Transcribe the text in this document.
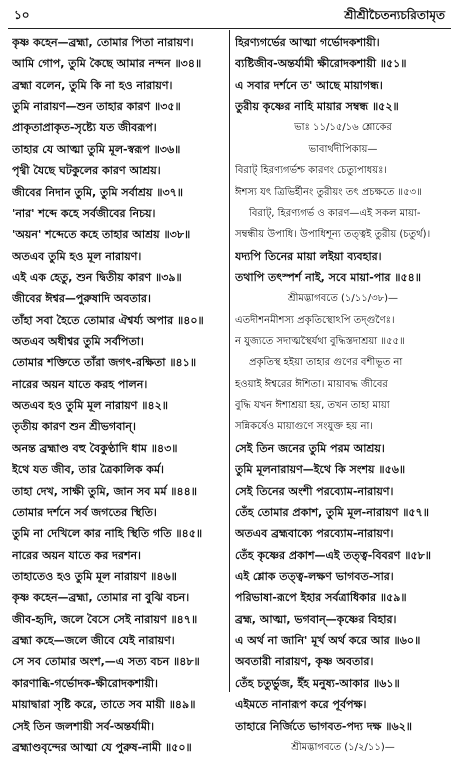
১০	শ্রীশ্রীচৈতন্যচরিতামৃত
কৃষ্ণ কহেন—ব্রহ্মা, তোমার পিতা নারায়ণ।
আমি গোপ, তুমি কৈছে আমার নন্দন ॥৩৪॥
ব্রহ্মা বলেন, তুমি কি না হও নারায়ণ।
তুমি নারায়ণ—শুন তাহার কারণ ॥৩৫॥
প্রাকৃতাপ্রাকৃত-সৃষ্ট্যে যত জীবরূপ।
তাহার যে আত্মা তুমি মূল-স্বরূপ ॥৩৬॥
পৃথ্বী যৈছে ঘটকুলের কারণ আশ্রয়।
জীবের নিদান তুমি, তুমি সর্বাশ্রয় ॥৩৭॥
'নার' শব্দে কহে সর্বজীবের নিচয়।
'অয়ন' শব্দেতে কহে তাহার আশ্রয় ॥৩৮॥
অতএব তুমি হও মূল নারায়ণ।
এই এক হেতু, শুন দ্বিতীয় কারণ ॥৩৯॥
জীবের ঈশ্বর—পুরুষাদি অবতার।
তাঁহা সবা হৈতে তোমার ঐশ্বর্য্য অপার ॥৪০॥
অতএব অধীশ্বর তুমি সর্বপিতা।
তোমার শক্তিতে তাঁরা জগৎ-রক্ষিতা ॥৪১॥
নারের অয়ন যাতে করহ পালন।
অতএব হও তুমি মূল নারায়ণ ॥৪২॥
তৃতীয় কারণ শুন শ্রীভগবান্।
অনন্ত ব্রহ্মাণ্ড বহু বৈকুণ্ঠাদি ধাম ॥৪৩॥
ইথে যত জীব, তার ত্রৈকালিক কর্ম।
তাহা দেখ, সাক্ষী তুমি, জান সব মর্ম ॥৪৪॥
তোমার দর্শনে সর্ব জগতের স্থিতি।
তুমি না দেখিলে কার নাহি স্থিতি গতি ॥৪৫॥
নারের অয়ন যাতে কর দরশন।
তাহাতেও হও তুমি মূল নারায়ণ ॥৪৬॥
কৃষ্ণ কহেন—ব্রহ্মা, তোমার না বুঝি বচন।
জীব-হৃদি, জলে বৈসে সেই নারায়ণ ॥৪৭॥
ব্রহ্মা কহে—জলে জীবে যেই নারায়ণ।
সে সব তোমার অংশ,—এ সত্য বচন ॥৪৮॥
কারণাব্ধি-গর্ভোদক-ক্ষীরোদকশায়ী।
মায়াদ্বারা সৃষ্টি করে, তাতে সব মায়ী ॥৪৯॥
সেই তিন জলশায়ী সর্ব-অন্তর্যামী।
ব্রহ্মাণ্ডবৃন্দের আত্মা যে পুরুষ-নামী ॥৫০॥
হিরণ্যগর্ভের আত্মা গর্ভোদকশায়ী।
ব্যষ্টিজীব-অন্তর্যামী ক্ষীরোদকশায়ী ॥৫১॥
এ সবার দর্শনে ত' আছে মায়াগন্ধ।
তুরীয় কৃষ্ণের নাহি মায়ার সম্বন্ধ ॥৫২॥
ভাঃ ১১/১৫/১৬ শ্লোকের
ভাবার্থদীপিকায়—
বিরাট্ হিরণ্যগর্ভশ্চ কারণং চেত্যুপাধয়ঃ।
ঈশস্য যৎ ত্রিভির্হীনং তুরীয়ং তৎ প্রচক্ষতে ॥৫৩॥
বিরাট্, হিরণ্যগর্ভ ও কারণ—এই সকল মায়া-
সম্বন্ধীয় উপাধি। উপাধিশূন্য তত্ত্বই তুরীয় (চতুর্থ)।
যদ্যপি তিনের মায়া লইয়া ব্যবহার।
তথাপি তৎস্পর্শ নাই, সবে মায়া-পার ॥৫৪॥
শ্রীমদ্ভাগবতে (১/১১/৩৮)—
এতদীশনমীশস্য প্রকৃতিস্থোঽপি তদ্গুণৈঃ।
ন যুজ্যতে সদাত্মস্থৈর্যথা বুদ্ধিস্তদাশ্রয়া ॥৫৫॥
প্রকৃতিস্থ হইয়া তাহার গুণের বশীভূত না
হওয়াই ঈশ্বরের ঈশিতা। মায়াবদ্ধ জীবের
বুদ্ধি যখন ঈশাশ্রয়া হয়, তখন তাহা মায়া
সন্নিকর্ষেও মায়াগুণে সংযুক্ত হয় না।
সেই তিন জনের তুমি পরম আশ্রয়।
তুমি মূলনারায়ণ—ইথে কি সংশয় ॥৫৬॥
সেই তিনের অংশী পরব্যোম-নারায়ণ।
তেঁহ তোমার প্রকাশ, তুমি মূল-নারায়ণ ॥৫৭॥
অতএব ব্রহ্মবাক্যে পরব্যোম-নারায়ণ।
তেঁহ কৃষ্ণের প্রকাশ—এই তত্ত্ব-বিবরণ ॥৫৮॥
এই শ্লোক তত্ত্ব-লক্ষণ ভাগবত-সার।
পরিভাষা-রূপে ইহার সর্বত্রাধিকার ॥৫৯॥
ব্রহ্ম, আত্মা, ভগবান্—কৃষ্ণের বিহার।
এ অর্থ না জানি' মূর্খ অর্থ করে আর ॥৬০॥
অবতারী নারায়ণ, কৃষ্ণ অবতার।
তেঁহ চতুর্ভুজ, ইঁহ মনুষ্য-আকার ॥৬১॥
এইমতে নানারূপ করে পূর্বপক্ষ।
তাহারে নির্জিতে ভাগবত-পদ্য দক্ষ ॥৬২॥
শ্রীমদ্ভাগবতে (১/২/১১)—
